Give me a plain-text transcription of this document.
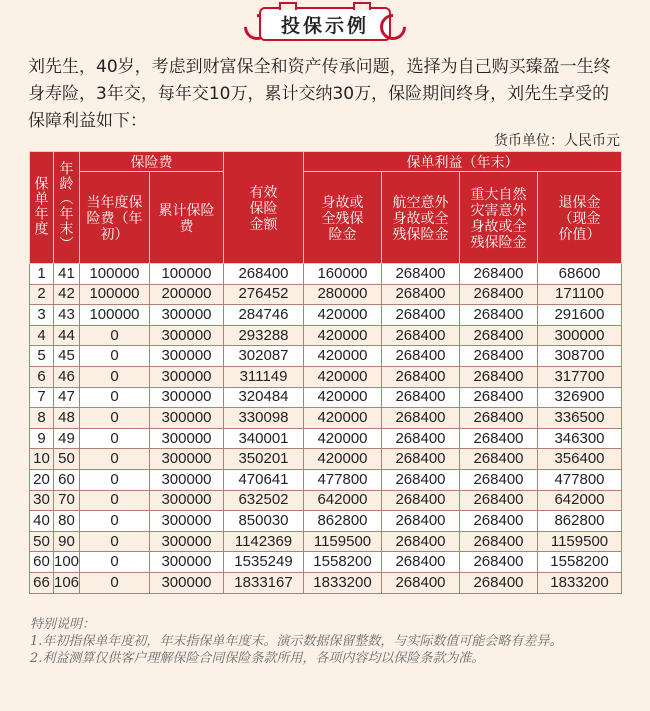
投保示例
刘先生，40岁，考虑到财富保全和资产传承问题，选择为自己购买臻盈一生终身寿险，3年交，每年交10万，累计交纳30万，保险期间终身，刘先生享受的保障利益如下：
货币单位：人民币元
保单年度	年龄（年末）	保险费		有效保险金额	保单利益（年末）			

		当年度保险费（年初）	累计保险费		身故或全残保险金	航空意外身故或全残保险金	重大自然灾害意外身故或全残保险金	退保金（现金价值）

1	41	100000	100000	268400	160000	268400	268400	68600
2	42	100000	200000	276452	280000	268400	268400	171100
3	43	100000	300000	284746	420000	268400	268400	291600
4	44	0	300000	293288	420000	268400	268400	300000
5	45	0	300000	302087	420000	268400	268400	308700
6	46	0	300000	311149	420000	268400	268400	317700
7	47	0	300000	320484	420000	268400	268400	326900
8	48	0	300000	330098	420000	268400	268400	336500
9	49	0	300000	340001	420000	268400	268400	346300
10	50	0	300000	350201	420000	268400	268400	356400
20	60	0	300000	470641	477800	268400	268400	477800
30	70	0	300000	632502	642000	268400	268400	642000
40	80	0	300000	850030	862800	268400	268400	862800
50	90	0	300000	1142369	1159500	268400	268400	1159500
60	100	0	300000	1535249	1558200	268400	268400	1558200
66	106	0	300000	1833167	1833200	268400	268400	1833200
特别说明：
1.年初指保单年度初，年末指保单年度末。演示数据保留整数，与实际数值可能会略有差异。
2.利益测算仅供客户理解保险合同保险条款所用，各项内容均以保险条款为准。
